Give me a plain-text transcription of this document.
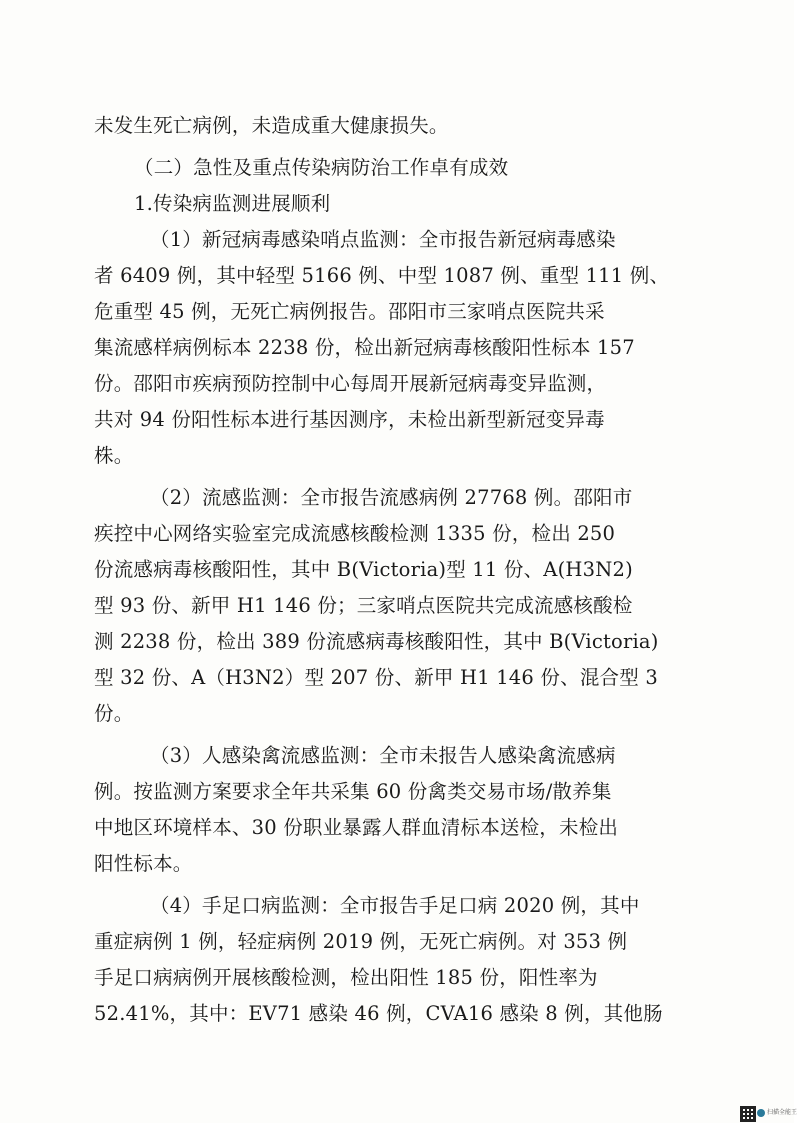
未发生死亡病例，未造成重大健康损失。
（二）急性及重点传染病防治工作卓有成效
1.传染病监测进展顺利
（1）新冠病毒感染哨点监测：全市报告新冠病毒感染
者 6409 例，其中轻型 5166 例、中型 1087 例、重型 111 例、
危重型 45 例，无死亡病例报告。邵阳市三家哨点医院共采
集流感样病例标本 2238 份，检出新冠病毒核酸阳性标本 157
份。邵阳市疾病预防控制中心每周开展新冠病毒变异监测，
共对 94 份阳性标本进行基因测序，未检出新型新冠变异毒
株。
（2）流感监测：全市报告流感病例 27768 例。邵阳市
疾控中心网络实验室完成流感核酸检测 1335 份，检出 250
份流感病毒核酸阳性，其中 B(Victoria)型 11 份、A(H3N2)
型 93 份、新甲 H1 146 份；三家哨点医院共完成流感核酸检
测 2238 份，检出 389 份流感病毒核酸阳性，其中 B(Victoria)
型 32 份、A（H3N2）型 207 份、新甲 H1 146 份、混合型 3
份。
（3）人感染禽流感监测：全市未报告人感染禽流感病
例。按监测方案要求全年共采集 60 份禽类交易市场/散养集
中地区环境样本、30 份职业暴露人群血清标本送检，未检出
阳性标本。
（4）手足口病监测：全市报告手足口病 2020 例，其中
重症病例 1 例，轻症病例 2019 例，无死亡病例。对 353 例
手足口病病例开展核酸检测，检出阳性 185 份，阳性率为
52.41%，其中：EV71 感染 46 例，CVA16 感染 8 例，其他肠
扫描全能王
